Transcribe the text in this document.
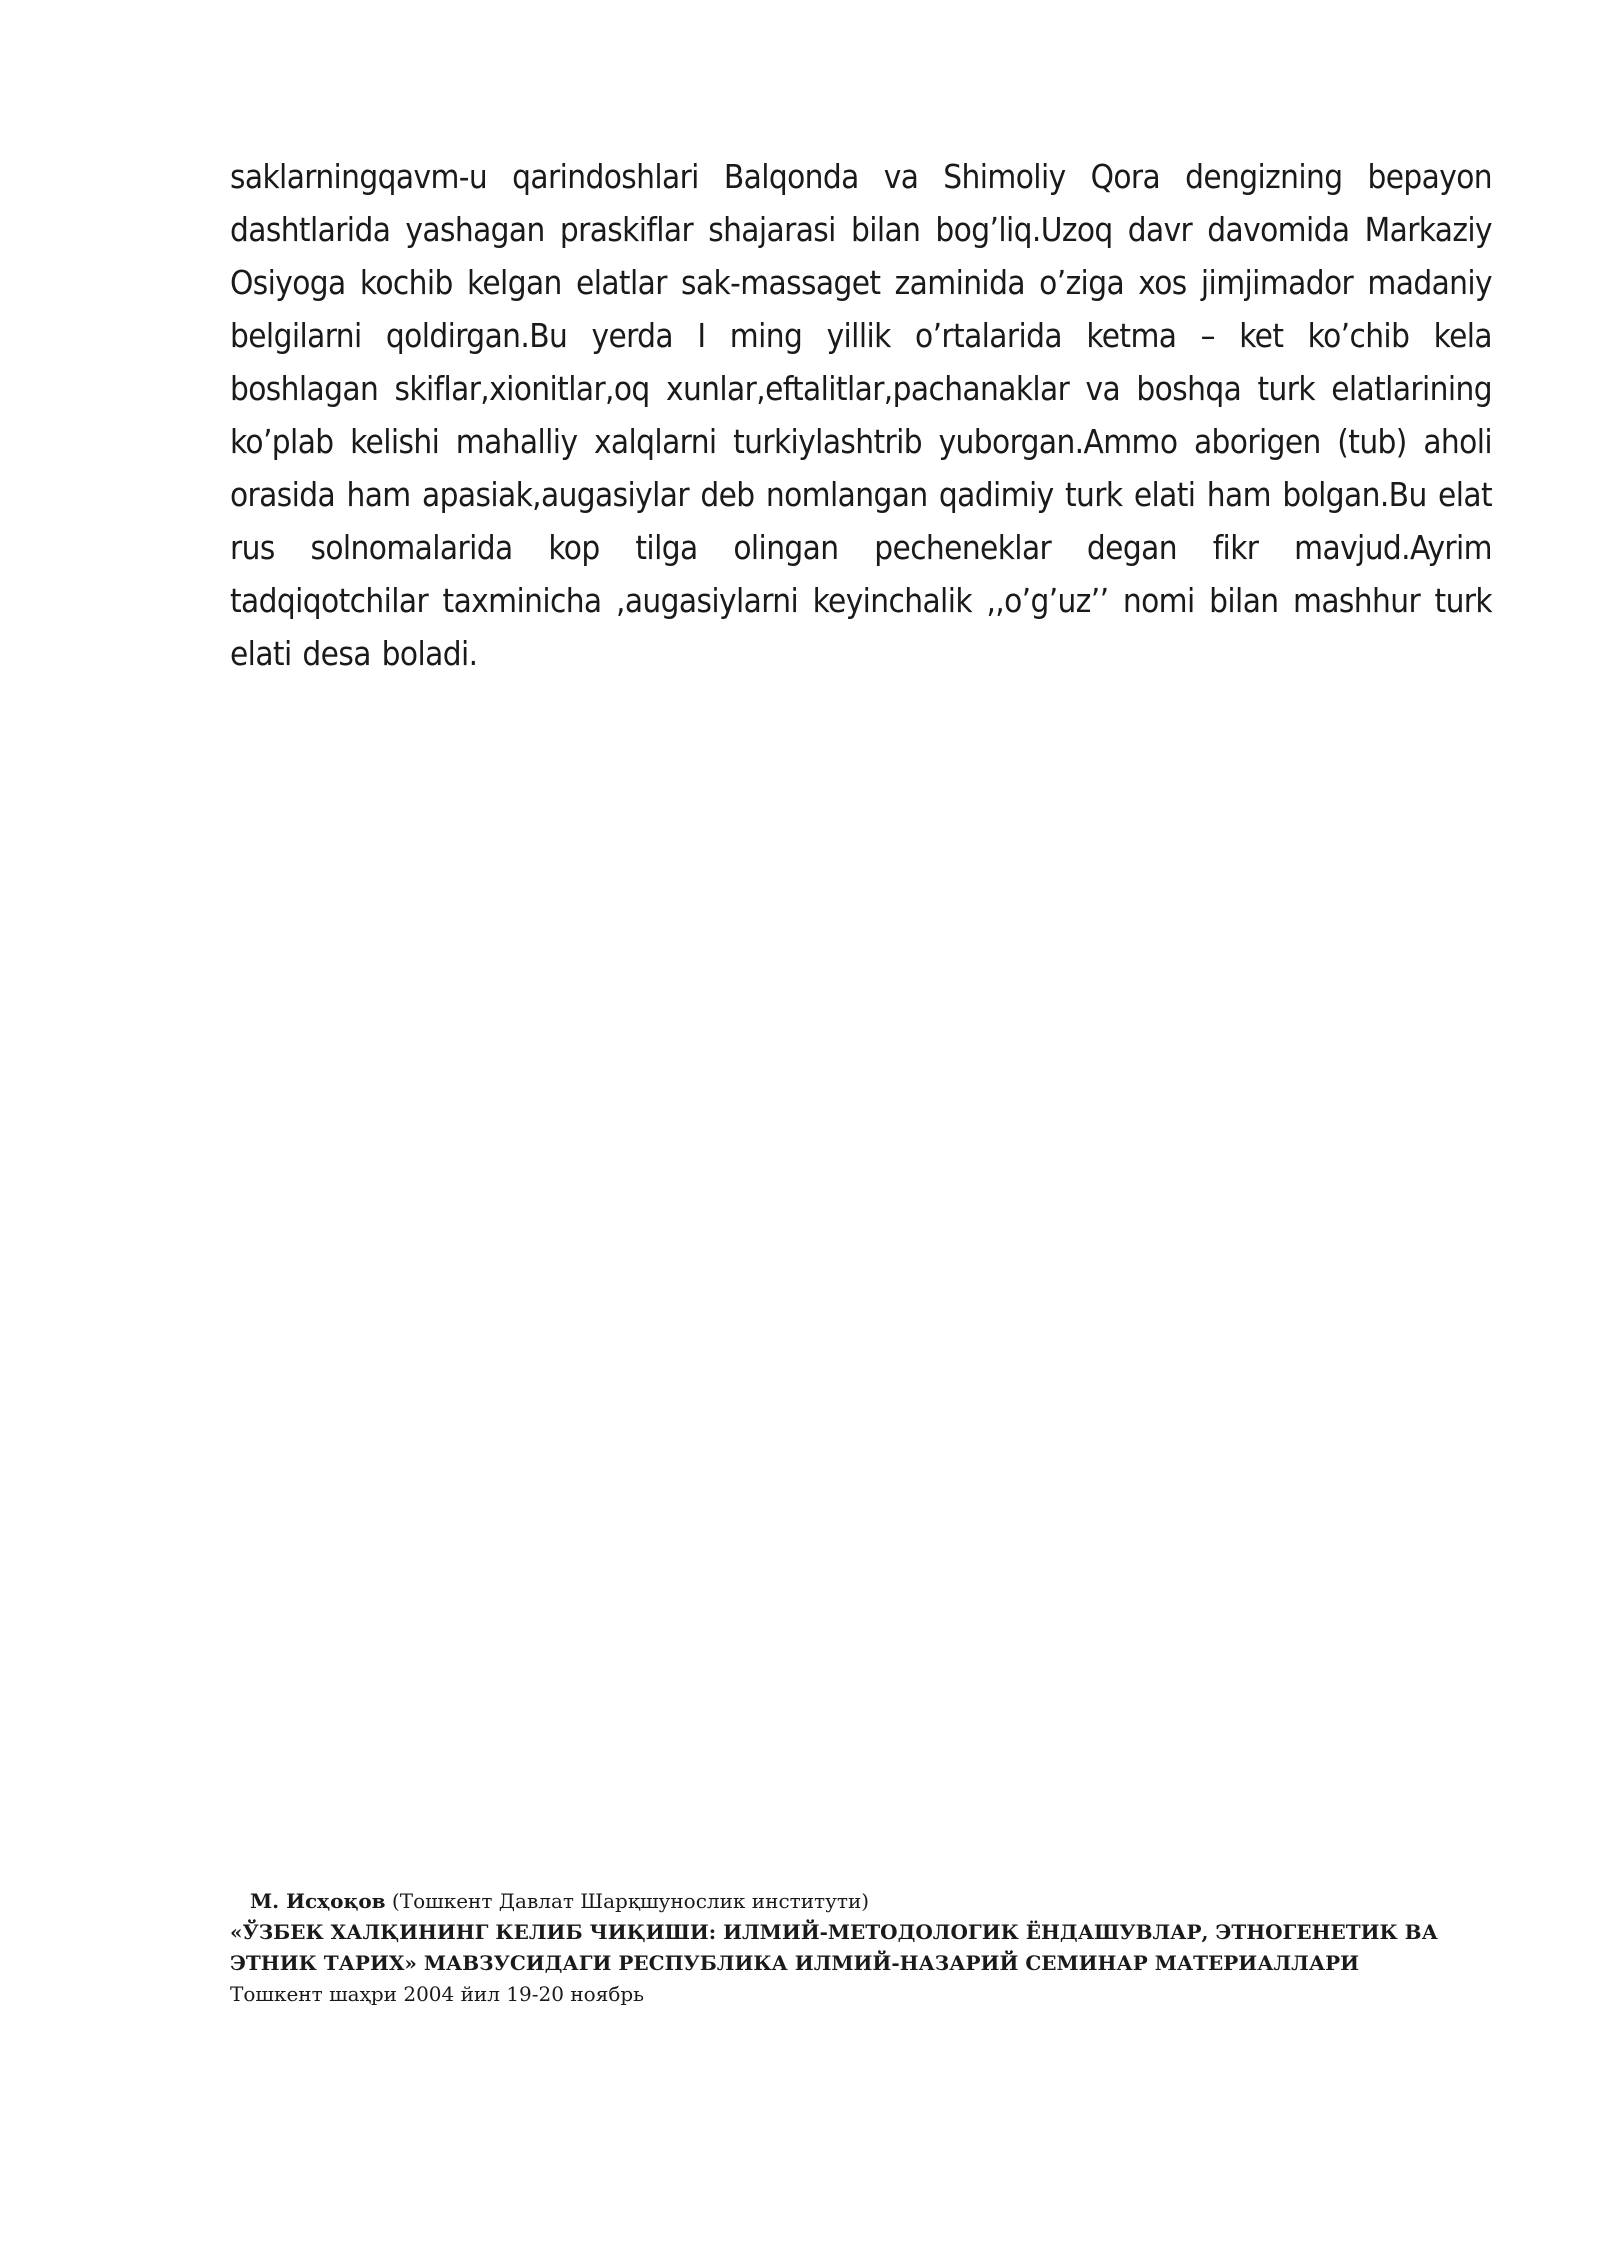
saklarningqavm-u qarindoshlari Balqonda va Shimoliy Qora dengizning bepayon dashtlarida yashagan praskiflar shajarasi bilan bog’liq.Uzoq davr davomida Markaziy Osiyoga kochib kelgan elatlar sak-massaget zaminida o’ziga xos jimjimador madaniy belgilarni qoldirgan.Bu yerda I ming yillik o’rtalarida ketma – ket ko’chib kela boshlagan skiflar,xionitlar,oq xunlar,eftalitlar,pachanaklar va boshqa turk elatlarining ko’plab kelishi mahalliy xalqlarni turkiylashtrib yuborgan.Ammo aborigen (tub) aholi orasida ham apasiak,augasiylar deb nomlangan qadimiy turk elati ham bolgan.Bu elat rus solnomalarida kop tilga olingan pecheneklar degan fikr mavjud.Ayrim tadqiqotchilar taxminicha ,augasiylarni keyinchalik ,,o’g’uz’’ nomi bilan mashhur turk elati desa boladi.

М. Исҳоқов (Тошкент Давлат Шарқшунослик институти)
«ЎЗБЕК ХАЛҚИНИНГ КЕЛИБ ЧИҚИШИ: ИЛМИЙ-МЕТОДОЛОГИК ЁНДАШУВЛАР, ЭТНОГЕНЕТИК ВА
ЭТНИК ТАРИХ» МАВЗУСИДАГИ РЕСПУБЛИКА ИЛМИЙ-НАЗАРИЙ СЕМИНАР МАТЕРИАЛЛАРИ
Тошкент шаҳри 2004 йил 19-20 ноябрь
